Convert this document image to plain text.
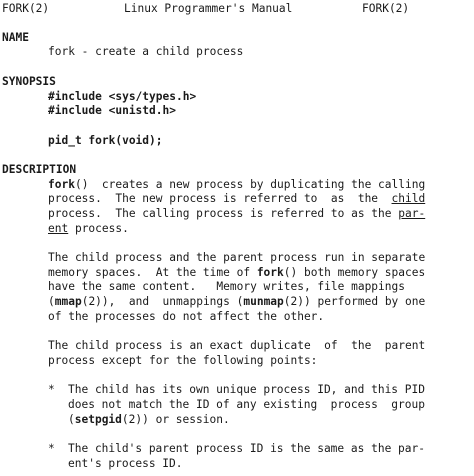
FORK(2)	Linux Programmer's Manual	FORK(2)
NAME
fork - create a child process
SYNOPSIS
#include <sys/types.h>
#include <unistd.h>
pid_t fork(void);
DESCRIPTION
fork()  creates a new process by duplicating the calling
process.  The new process is referred to  as  the  child
process.  The calling process is referred to as the par‐
ent process.
The child process and the parent process run in separate
memory spaces.  At the time of fork() both memory spaces
have the same content.   Memory writes, file mappings
(mmap(2)),  and  unmappings (munmap(2)) performed by one
of the processes do not affect the other.
The child process is an exact duplicate  of  the  parent
process except for the following points:
* The child has its own unique process ID, and this PID
does not match the ID of any existing  process  group
(setpgid(2)) or session.
* The child's parent process ID is the same as the par‐
ent's process ID.
